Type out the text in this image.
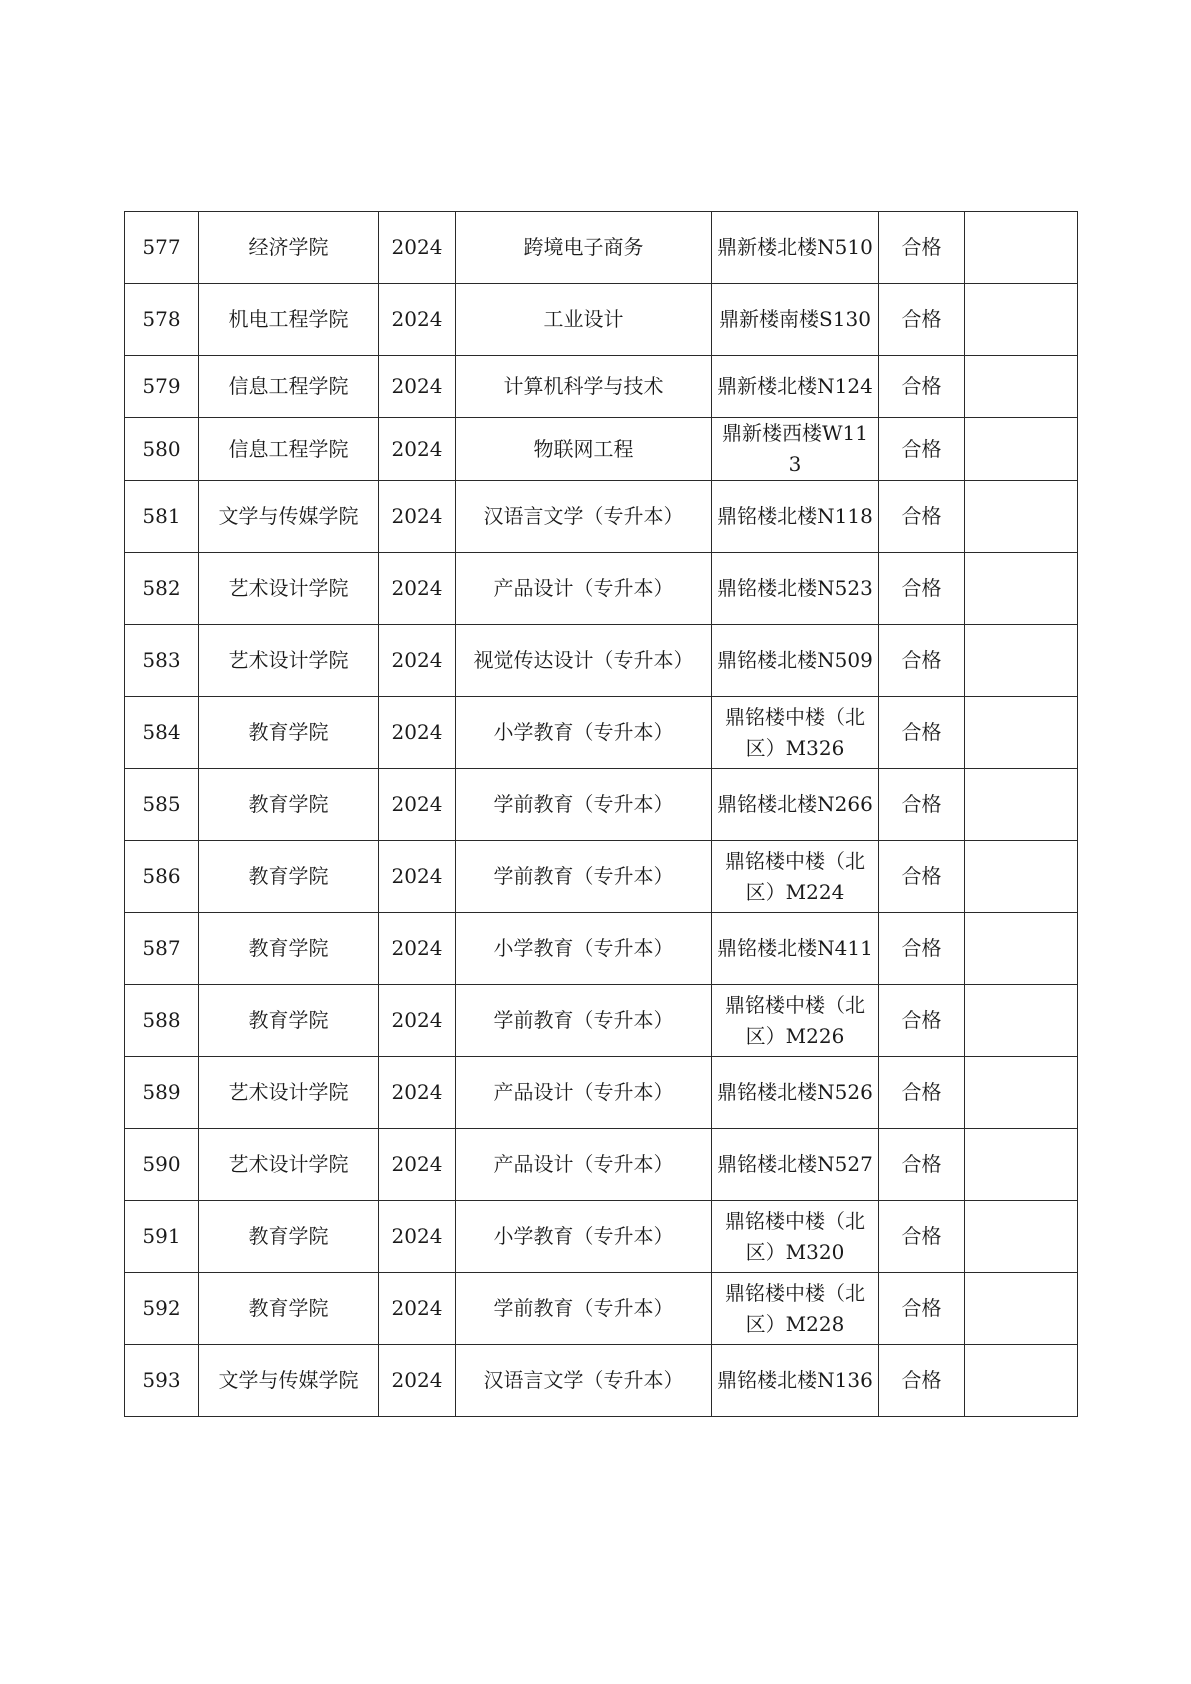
577	经济学院	2024	跨境电子商务	鼎新楼北楼N510	合格	
578	机电工程学院	2024	工业设计	鼎新楼南楼S130	合格	
579	信息工程学院	2024	计算机科学与技术	鼎新楼北楼N124	合格	
580	信息工程学院	2024	物联网工程	鼎新楼西楼W113	合格	
581	文学与传媒学院	2024	汉语言文学（专升本）	鼎铭楼北楼N118	合格	
582	艺术设计学院	2024	产品设计（专升本）	鼎铭楼北楼N523	合格	
583	艺术设计学院	2024	视觉传达设计（专升本）	鼎铭楼北楼N509	合格	
584	教育学院	2024	小学教育（专升本）	鼎铭楼中楼（北区）M326	合格	
585	教育学院	2024	学前教育（专升本）	鼎铭楼北楼N266	合格	
586	教育学院	2024	学前教育（专升本）	鼎铭楼中楼（北区）M224	合格	
587	教育学院	2024	小学教育（专升本）	鼎铭楼北楼N411	合格	
588	教育学院	2024	学前教育（专升本）	鼎铭楼中楼（北区）M226	合格	
589	艺术设计学院	2024	产品设计（专升本）	鼎铭楼北楼N526	合格	
590	艺术设计学院	2024	产品设计（专升本）	鼎铭楼北楼N527	合格	
591	教育学院	2024	小学教育（专升本）	鼎铭楼中楼（北区）M320	合格	
592	教育学院	2024	学前教育（专升本）	鼎铭楼中楼（北区）M228	合格	
593	文学与传媒学院	2024	汉语言文学（专升本）	鼎铭楼北楼N136	合格	
